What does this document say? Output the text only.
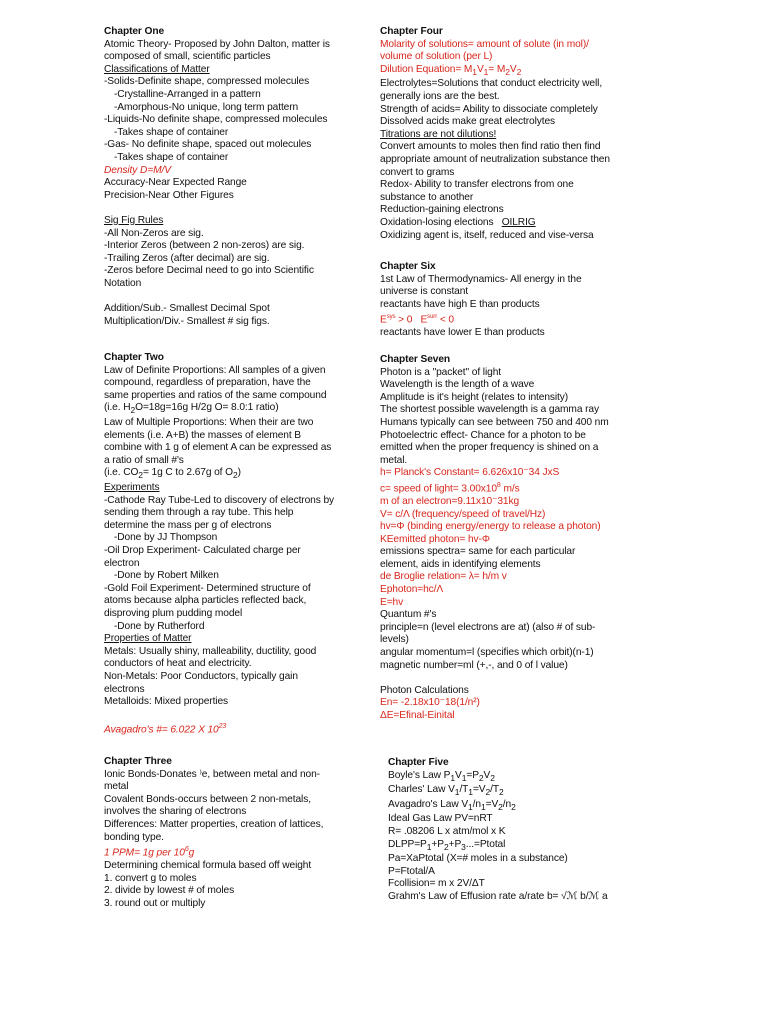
Chapter One
Atomic Theory- Proposed by John Dalton, matter is
composed of small, scientific particles
Classifications of Matter
-Solids-Definite shape, compressed molecules
-Crystalline-Arranged in a pattern
-Amorphous-No unique, long term pattern
-Liquids-No definite shape, compressed molecules
-Takes shape of container
-Gas- No definite shape, spaced out molecules
-Takes shape of container
Density D=M/V
Accuracy-Near Expected Range
Precision-Near Other Figures
Sig Fig Rules
-All Non-Zeros are sig.
-Interior Zeros (between 2 non-zeros) are sig.
-Trailing Zeros (after decimal) are sig.
-Zeros before Decimal need to go into Scientific
Notation
Addition/Sub.- Smallest Decimal Spot
Multiplication/Div.- Smallest # sig figs.
Chapter Two
Law of Definite Proportions: All samples of a given
compound, regardless of preparation, have the
same properties and ratios of the same compound
(i.e. $H_2O=18g=16g$ H/2g O= 8.0:1 ratio)
Law of Multiple Proportions: When their are two
elements (i.e. A+B) the masses of element B
combine with 1 g of element A can be expressed as
a ratio of small #'s
(i.e. $CO_2= 1g$ C to 2.67g of $O_2$)
Experiments
-Cathode Ray Tube-Led to discovery of electrons by
sending them through a ray tube. This help
determine the mass per g of electrons
-Done by JJ Thompson
-Oil Drop Experiment- Calculated charge per
electron
-Done by Robert Milken
-Gold Foil Experiment- Determined structure of
atoms because alpha particles reflected back,
disproving plum pudding model
-Done by Rutherford
Properties of Matter
Metals: Usually shiny, malleability, ductility, good
conductors of heat and electricity.
Non-Metals: Poor Conductors, typically gain
electrons
Metalloids: Mixed properties
Avagadro's #= 6.022 X $10^{23}$
Chapter Three
Ionic Bonds-Donates ⁾e, between metal and non-
metal
Covalent Bonds-occurs between 2 non-metals,
involves the sharing of electrons
Differences: Matter properties, creation of lattices,
bonding type.
1 PPM= 1g per $10^6g$
Determining chemical formula based off weight
1. convert g to moles
2. divide by lowest # of moles
3. round out or multiply
Chapter Four
Molarity of solutions= amount of solute (in mol)/
volume of solution (per L)
Dilution Equation= $M_1V_1= M_2V_2$
Electrolytes=Solutions that conduct electricity well,
generally ions are the best.
Strength of acids= Ability to dissociate completely
Dissolved acids make great electrolytes
Titrations are not dilutions!
Convert amounts to moles then find ratio then find
appropriate amount of neutralization substance then
convert to grams
Redox- Ability to transfer electrons from one
substance to another
Reduction-gaining electrons
Oxidation-losing elections   OILRIG
Oxidizing agent is, itself, reduced and vise-versa
Chapter Six
1st Law of Thermodynamics- All energy in the
universe is constant
reactants have high E than products
$E^{sys} > 0$   $E^{surr} < 0$
reactants have lower E than products
Chapter Seven
Photon is a "packet" of light
Wavelength is the length of a wave
Amplitude is it's height (relates to intensity)
The shortest possible wavelength is a gamma ray
Humans typically can see between 750 and 400 nm
Photoelectric effect- Chance for a photon to be
emitted when the proper frequency is shined on a
metal.
h= Planck's Constant= 6.626x10⁻34 JxS
c= speed of light= $3.00x10^8$ m/s
m of an electron=9.11x10⁻31kg
V= c/Λ (frequency/speed of travel/Hz)
hv=Φ (binding energy/energy to release a photon)
KEemitted photon= hv-Φ
emissions spectra= same for each particular
element, aids in identifying elements
de Broglie relation= λ= h/m v
Ephoton=hc/Λ
E=hv
Quantum #'s
principle=n (level electrons are at) (also # of sub-
levels)
angular momentum=l (specifies which orbit)(n-1)
magnetic number=ml (+,-, and 0 of l value)
Photon Calculations
En= -2.18x10⁻18(1/n²)
ΔE=Efinal-Einital
Chapter Five
Boyle's Law $P_1V_1=P_2V_2$
Charles' Law $V_1/T_1=V_2/T_2$
Avagadro's Law $V_1/n_1=V_2/n_2$
Ideal Gas Law PV=nRT
R= .08206 L x atm/mol x K
$DLPP=P_1+P_2+P_3...=Ptotal$
Pa=XaPtotal (X=# moles in a substance)
P=Ftotal/A
Fcollision= m x 2V/ΔT
Grahm's Law of Effusion rate a/rate b= √ℳ b/ℳ a
